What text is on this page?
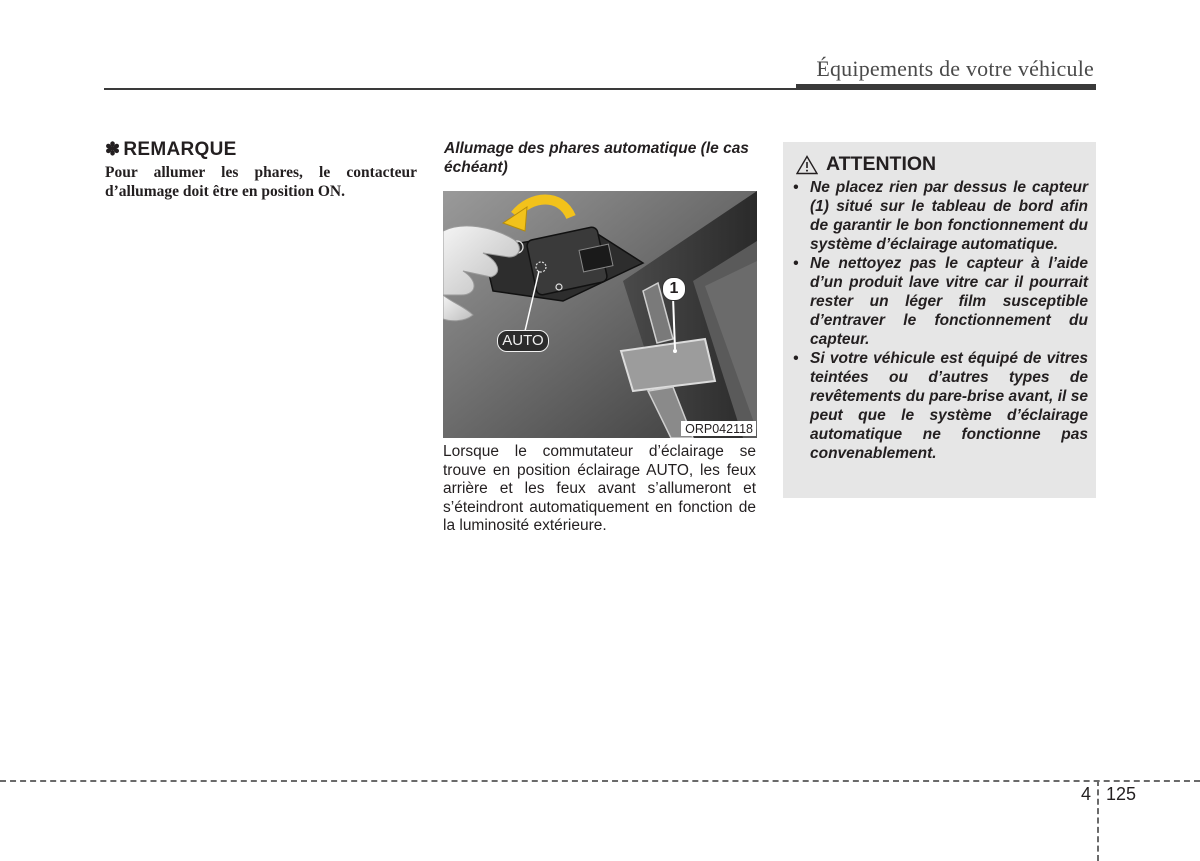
Équipements de votre véhicule
✽ REMARQUE
Pour allumer les phares, le contacteur d’allumage doit être en position ON.
Allumage des phares automatique (le cas échéant)
AUTO
1
ORP042118
Lorsque le commutateur d’éclairage se trouve en position éclairage AUTO, les feux arrière et les feux avant s’allumeront et s’éteindront automatiquement en fonction de la luminosité extérieure.
ATTENTION
• Ne placez rien par dessus le capteur (1) situé sur le tableau de bord afin de garantir le bon fonctionnement du système d’éclairage automatique.
• Ne nettoyez pas le capteur à l’aide d’un produit lave vitre car il pourrait rester un léger film susceptible d’entraver le fonctionnement du capteur.
• Si votre véhicule est équipé de vitres teintées ou d’autres types de revêtements du pare-brise avant, il se peut que le système d’éclairage automatique ne fonctionne pas convenablement.
4 125
